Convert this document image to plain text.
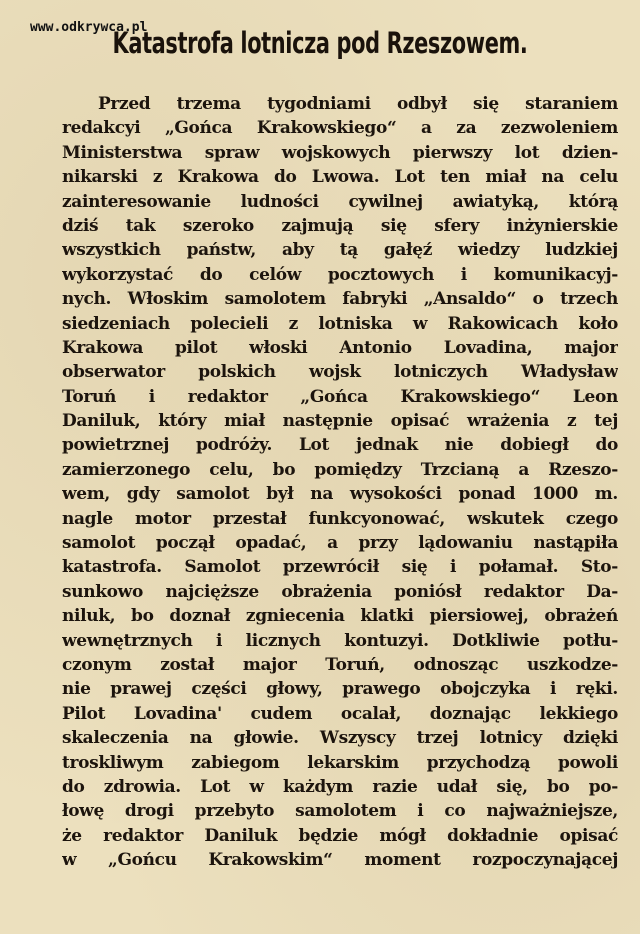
www.odkrywca.pl
Katastrofa lotnicza pod Rzeszowem.
Przed trzema tygodniami odbył się staraniem
redakcyi „Gońca Krakowskiego“ a za zezwoleniem
Ministerstwa spraw wojskowych pierwszy lot dzien-
nikarski z Krakowa do Lwowa. Lot ten miał na celu
zainteresowanie ludności cywilnej awiatyką, którą
dziś tak szeroko zajmują się sfery inżynierskie
wszystkich państw, aby tą gałęź wiedzy ludzkiej
wykorzystać do celów pocztowych i komunikacyj-
nych. Włoskim samolotem fabryki „Ansaldo“ o trzech
siedzeniach polecieli z lotniska w Rakowicach koło
Krakowa pilot włoski Antonio Lovadina, major
obserwator polskich wojsk lotniczych Władysław
Toruń i redaktor „Gońca Krakowskiego“ Leon
Daniluk, który miał następnie opisać wrażenia z tej
powietrznej podróży. Lot jednak nie dobiegł do
zamierzonego celu, bo pomiędzy Trzcianą a Rzeszo-
wem, gdy samolot był na wysokości ponad 1000 m.
nagle motor przestał funkcyonować, wskutek czego
samolot począł opadać, a przy lądowaniu nastąpiła
katastrofa. Samolot przewrócił się i połamał. Sto-
sunkowo najcięższe obrażenia poniósł redaktor Da-
niluk, bo doznał zgniecenia klatki piersiowej, obrażeń
wewnętrznych i licznych kontuzyi. Dotkliwie potłu-
czonym został major Toruń, odnosząc uszkodze-
nie prawej części głowy, prawego obojczyka i ręki.
Pilot Lovadina' cudem ocalał, doznając lekkiego
skaleczenia na głowie. Wszyscy trzej lotnicy dzięki
troskliwym zabiegom lekarskim przychodzą powoli
do zdrowia. Lot w każdym razie udał się, bo po-
łowę drogi przebyto samolotem i co najważniejsze,
że redaktor Daniluk będzie mógł dokładnie opisać
w „Gońcu Krakowskim“ moment rozpoczynającej
